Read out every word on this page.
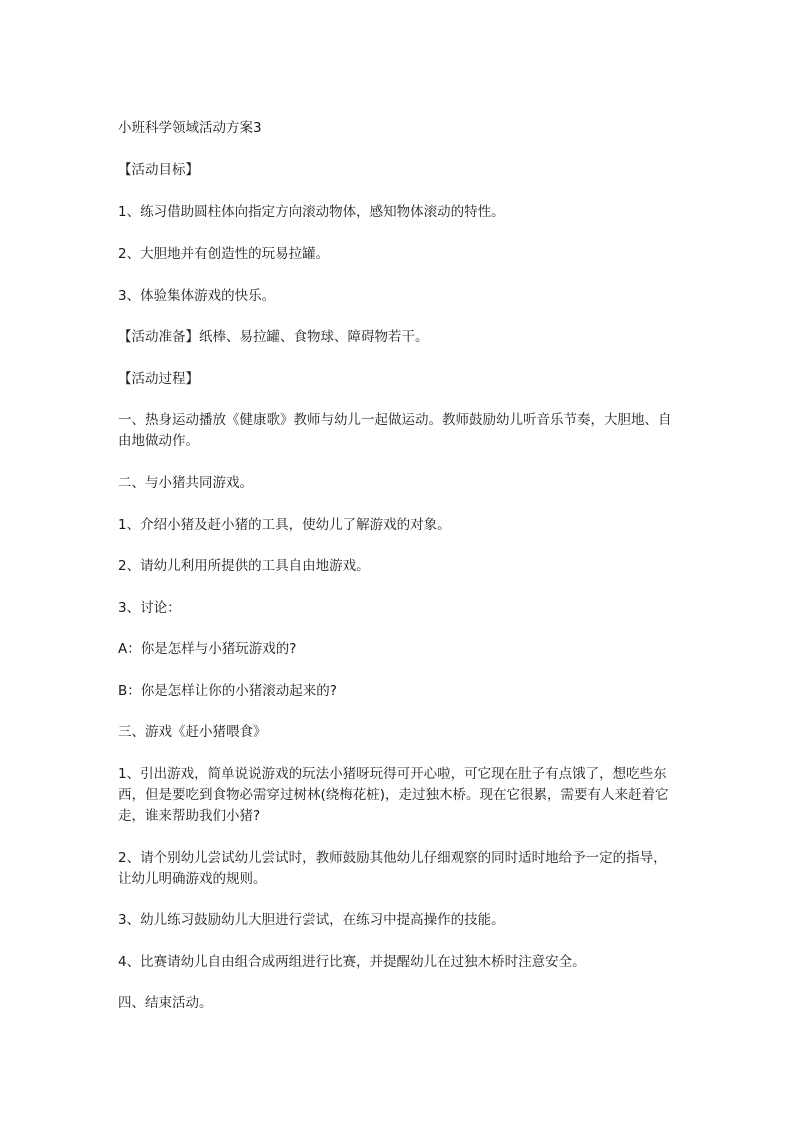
小班科学领域活动方案3

【活动目标】

1、练习借助圆柱体向指定方向滚动物体，感知物体滚动的特性。

2、大胆地并有创造性的玩易拉罐。

3、体验集体游戏的快乐。

【活动准备】纸棒、易拉罐、食物球、障碍物若干。

【活动过程】

一、热身运动播放《健康歌》教师与幼儿一起做运动。教师鼓励幼儿听音乐节奏，大胆地、自由地做动作。

二、与小猪共同游戏。

1、介绍小猪及赶小猪的工具，使幼儿了解游戏的对象。

2、请幼儿利用所提供的工具自由地游戏。

3、讨论：

A：你是怎样与小猪玩游戏的?

B：你是怎样让你的小猪滚动起来的?

三、游戏《赶小猪喂食》

1、引出游戏，简单说说游戏的玩法小猪呀玩得可开心啦，可它现在肚子有点饿了，想吃些东西，但是要吃到食物必需穿过树林(绕梅花桩)，走过独木桥。现在它很累，需要有人来赶着它走，谁来帮助我们小猪?

2、请个别幼儿尝试幼儿尝试时，教师鼓励其他幼儿仔细观察的同时适时地给予一定的指导，让幼儿明确游戏的规则。

3、幼儿练习鼓励幼儿大胆进行尝试，在练习中提高操作的技能。

4、比赛请幼儿自由组合成两组进行比赛，并提醒幼儿在过独木桥时注意安全。

四、结束活动。
